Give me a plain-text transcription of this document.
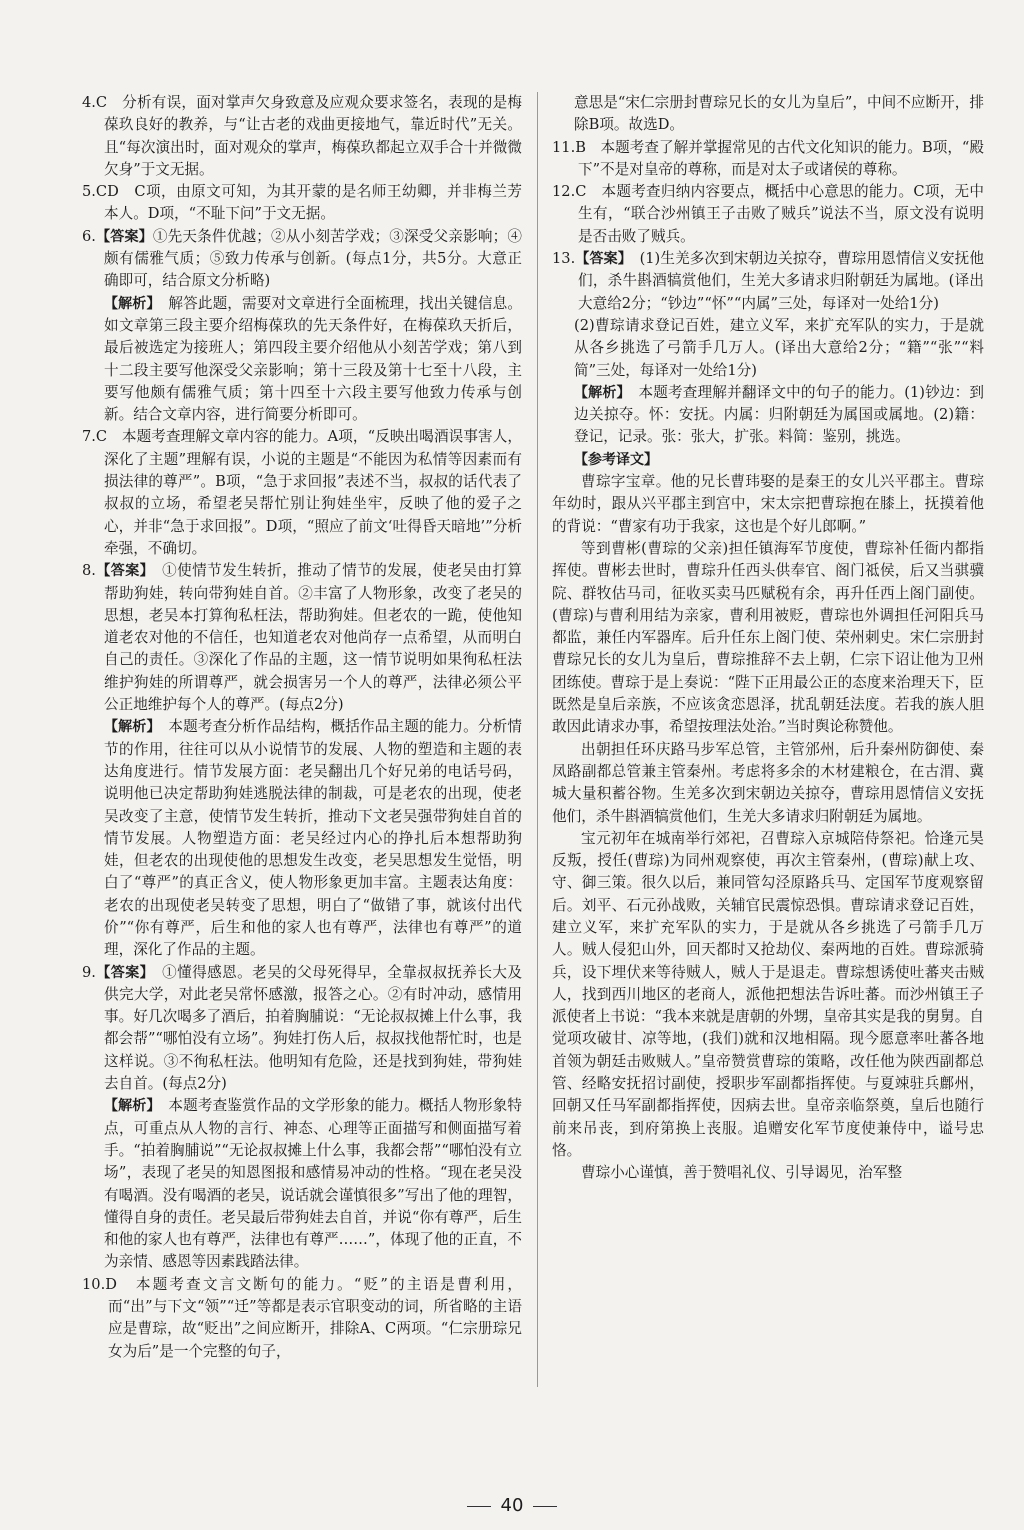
4.C　分析有误，面对掌声欠身致意及应观众要求签名，表现的是梅葆玖良好的教养，与“让古老的戏曲更接地气，靠近时代”无关。且“每次演出时，面对观众的掌声，梅葆玖都起立双手合十并微微欠身”于文无据。

5.CD　C项，由原文可知，为其开蒙的是名师王幼卿，并非梅兰芳本人。D项，“不耻下问”于文无据。

6.【答案】①先天条件优越；②从小刻苦学戏；③深受父亲影响；④颇有儒雅气质；⑤致力传承与创新。(每点1分，共5分。大意正确即可，结合原文分析略)

【解析】　 解答此题，需要对文章进行全面梳理，找出关键信息。如文章第三段主要介绍梅葆玖的先天条件好，在梅葆玖天折后，最后被选定为接班人；第四段主要介绍他从小刻苦学戏；第八到十二段主要写他深受父亲影响；第十三段及第十七至十八段，主要写他颇有儒雅气质；第十四至十六段主要写他致力传承与创新。结合文章内容，进行简要分析即可。

7.C　本题考查理解文章内容的能力。A项，“反映出喝酒误事害人，深化了主题”理解有误，小说的主题是“不能因为私情等因素而有损法律的尊严”。B项，“急于求回报”表述不当，叔叔的话代表了叔叔的立场，希望老吴帮忙别让狗娃坐牢，反映了他的爱子之心，并非“急于求回报”。D项，“照应了前文‘吐得昏天暗地’”分析牵强，不确切。

8.【答案】　 ①使情节发生转折，推动了情节的发展，使老吴由打算帮助狗娃，转向带狗娃自首。②丰富了人物形象，改变了老吴的思想，老吴本打算徇私枉法，帮助狗娃。但老农的一跪，使他知道老农对他的不信任，也知道老农对他尚存一点希望，从而明白自己的责任。③深化了作品的主题，这一情节说明如果徇私枉法维护狗娃的所谓尊严，就会损害另一个人的尊严，法律必须公平公正地维护每个人的尊严。(每点2分)

【解析】　 本题考查分析作品结构，概括作品主题的能力。分析情节的作用，往往可以从小说情节的发展、人物的塑造和主题的表达角度进行。情节发展方面：老吴翻出几个好兄弟的电话号码，说明他已决定帮助狗娃逃脱法律的制裁，可是老农的出现，使老吴改变了主意，使情节发生转折，推动下文老吴强带狗娃自首的情节发展。人物塑造方面：老吴经过内心的挣扎后本想帮助狗娃，但老农的出现使他的思想发生改变，老吴思想发生觉悟，明白了“尊严”的真正含义，使人物形象更加丰富。主题表达角度：老农的出现使老吴转变了思想，明白了“做错了事，就该付出代价”“你有尊严，后生和他的家人也有尊严，法律也有尊严”的道理，深化了作品的主题。

9.【答案】　 ①懂得感恩。老吴的父母死得早，全靠叔叔抚养长大及供完大学，对此老吴常怀感激，报答之心。②有时冲动，感情用事。好几次喝多了酒后，拍着胸脯说：“无论叔叔摊上什么事，我都会帮”“哪怕没有立场”。狗娃打伤人后，叔叔找他帮忙时，也是这样说。③不徇私枉法。他明知有危险，还是找到狗娃，带狗娃去自首。(每点2分)

【解析】　 本题考查鉴赏作品的文学形象的能力。概括人物形象特点，可重点从人物的言行、神态、心理等正面描写和侧面描写着手。“拍着胸脯说”“无论叔叔摊上什么事，我都会帮”“哪怕没有立场”，表现了老吴的知恩图报和感情易冲动的性格。“现在老吴没有喝酒。没有喝酒的老吴，说话就会谨慎很多”写出了他的理智，懂得自身的责任。老吴最后带狗娃去自首，并说“你有尊严，后生和他的家人也有尊严，法律也有尊严……”，体现了他的正直，不为亲情、感恩等因素践踏法律。

10.D　本题考查文言文断句的能力。“贬”的主语是曹利用，而“出”与下文“领”“迁”等都是表示官职变动的词，所省略的主语应是曹琮，故“贬出”之间应断开，排除A、C两项。“仁宗册琮兄女为后”是一个完整的句子，

意思是“宋仁宗册封曹琮兄长的女儿为皇后”，中间不应断开，排除B项。故选D。

11.B　本题考查了解并掌握常见的古代文化知识的能力。B项，“殿下”不是对皇帝的尊称，而是对太子或诸侯的尊称。

12.C　本题考查归纳内容要点，概括中心意思的能力。C项，无中生有，“联合沙州镇王子击败了贼兵”说法不当，原文没有说明是否击败了贼兵。

13.【答案】　 (1)生羌多次到宋朝边关掠夺，曹琮用恩情信义安抚他们，杀牛斟酒犒赏他们，生羌大多请求归附朝廷为属地。(译出大意给2分；“钞边”“怀”“内属”三处，每译对一处给1分)

(2)曹琮请求登记百姓，建立义军，来扩充军队的实力，于是就从各乡挑选了弓箭手几万人。(译出大意给2分；“籍”“张”“料简”三处，每译对一处给1分)

【解析】　 本题考查理解并翻译文中的句子的能力。(1)钞边：到边关掠夺。怀：安抚。内属：归附朝廷为属国或属地。(2)籍：登记，记录。张：张大，扩张。料简：鉴别，挑选。

【参考译文】

曹琮字宝章。他的兄长曹玮娶的是秦王的女儿兴平郡主。曹琮年幼时，跟从兴平郡主到宫中，宋太宗把曹琮抱在膝上，抚摸着他的背说：“曹家有功于我家，这也是个好儿郎啊。”

等到曹彬(曹琮的父亲)担任镇海军节度使，曹琮补任衙内都指挥使。曹彬去世时，曹琮升任西头供奉官、阁门祗侯，后又当骐骥院、群牧估马司，征收买卖马匹赋税有余，再升任西上阁门副使。(曹琮)与曹利用结为亲家，曹利用被贬，曹琮也外调担任河阳兵马都监，兼任内军器库。后升任东上阁门使、荣州刺史。宋仁宗册封曹琮兄长的女儿为皇后，曹琮推辞不去上朝，仁宗下诏让他为卫州团练使。曹琮于是上奏说：“陛下正用最公正的态度来治理天下，臣既然是皇后亲族，不应该贪恋恩泽，扰乱朝廷法度。若我的族人胆敢因此请求办事，希望按理法处治。”当时舆论称赞他。

出朝担任环庆路马步军总管，主管邠州，后升秦州防御使、秦凤路副都总管兼主管秦州。考虑将多余的木材建粮仓，在古渭、冀城大量积蓄谷物。生羌多次到宋朝边关掠夺，曹琮用恩情信义安抚他们，杀牛斟酒犒赏他们，生羌大多请求归附朝廷为属地。

宝元初年在城南举行郊祀，召曹琮入京城陪侍祭祀。恰逢元昊反叛，授任(曹琮)为同州观察使，再次主管秦州，(曹琮)献上攻、守、御三策。很久以后，兼同管勾泾原路兵马、定国军节度观察留后。刘平、石元孙战败，关辅官民震惊恐惧。曹琮请求登记百姓，建立义军，来扩充军队的实力，于是就从各乡挑选了弓箭手几万人。贼人侵犯山外，回天都时又抢劫仪、秦两地的百姓。曹琮派骑兵，设下埋伏来等待贼人，贼人于是退走。曹琮想诱使吐蕃夹击贼人，找到西川地区的老商人，派他把想法告诉吐蕃。而沙州镇王子派使者上书说：“我本来就是唐朝的外甥，皇帝其实是我的舅舅。自觉项攻破甘、凉等地，(我们)就和汉地相隔。现今愿意率吐蕃各地首领为朝廷击败贼人。”皇帝赞赏曹琮的策略，改任他为陕西副都总管、经略安抚招讨副使，授职步军副都指挥使。与夏竦驻兵鄜州，回朝又任马军副都指挥使，因病去世。皇帝亲临祭奠，皇后也随行前来吊丧，到府第换上丧服。追赠安化军节度使兼侍中，谥号忠恪。

曹琮小心谨慎，善于赞唱礼仪、引导谒见，治军整

40
